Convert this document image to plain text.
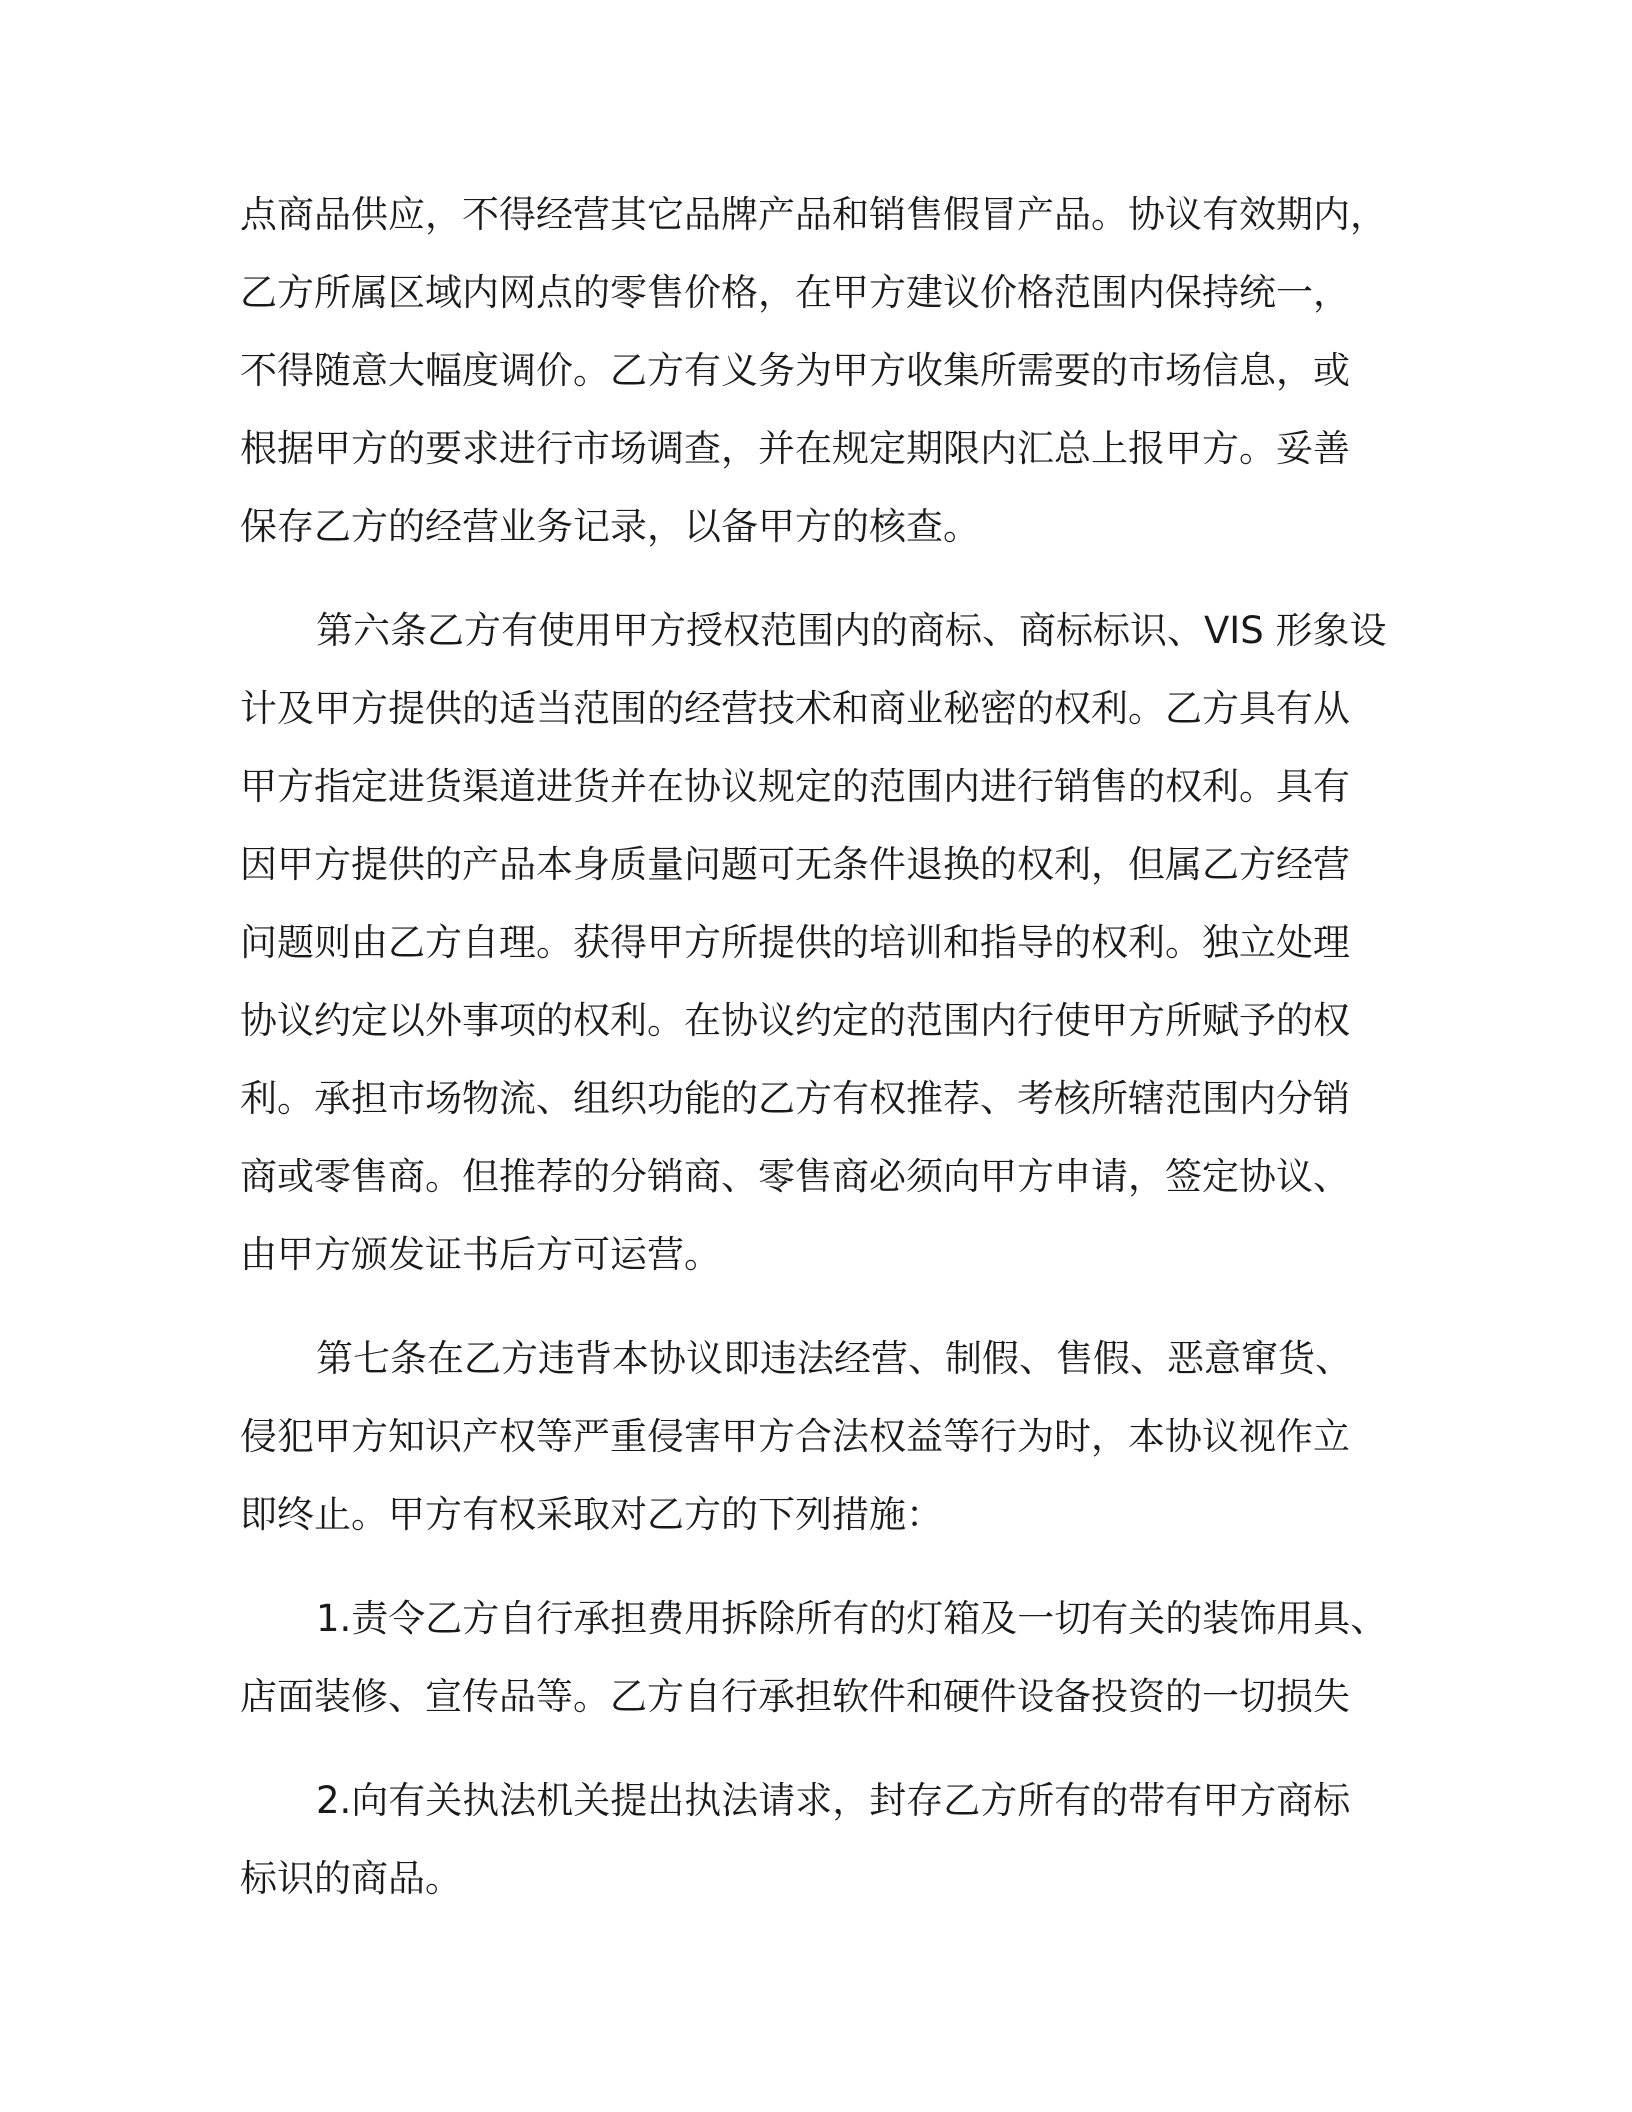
点商品供应，不得经营其它品牌产品和销售假冒产品。协议有效期内，
乙方所属区域内网点的零售价格，在甲方建议价格范围内保持统一，
不得随意大幅度调价。乙方有义务为甲方收集所需要的市场信息，或
根据甲方的要求进行市场调查，并在规定期限内汇总上报甲方。妥善
保存乙方的经营业务记录，以备甲方的核查。
第六条乙方有使用甲方授权范围内的商标、商标标识、VIS 形象设
计及甲方提供的适当范围的经营技术和商业秘密的权利。乙方具有从
甲方指定进货渠道进货并在协议规定的范围内进行销售的权利。具有
因甲方提供的产品本身质量问题可无条件退换的权利，但属乙方经营
问题则由乙方自理。获得甲方所提供的培训和指导的权利。独立处理
协议约定以外事项的权利。在协议约定的范围内行使甲方所赋予的权
利。承担市场物流、组织功能的乙方有权推荐、考核所辖范围内分销
商或零售商。但推荐的分销商、零售商必须向甲方申请，签定协议、
由甲方颁发证书后方可运营。
第七条在乙方违背本协议即违法经营、制假、售假、恶意窜货、
侵犯甲方知识产权等严重侵害甲方合法权益等行为时，本协议视作立
即终止。甲方有权采取对乙方的下列措施：
1.责令乙方自行承担费用拆除所有的灯箱及一切有关的装饰用具、
店面装修、宣传品等。乙方自行承担软件和硬件设备投资的一切损失
2.向有关执法机关提出执法请求，封存乙方所有的带有甲方商标
标识的商品。
